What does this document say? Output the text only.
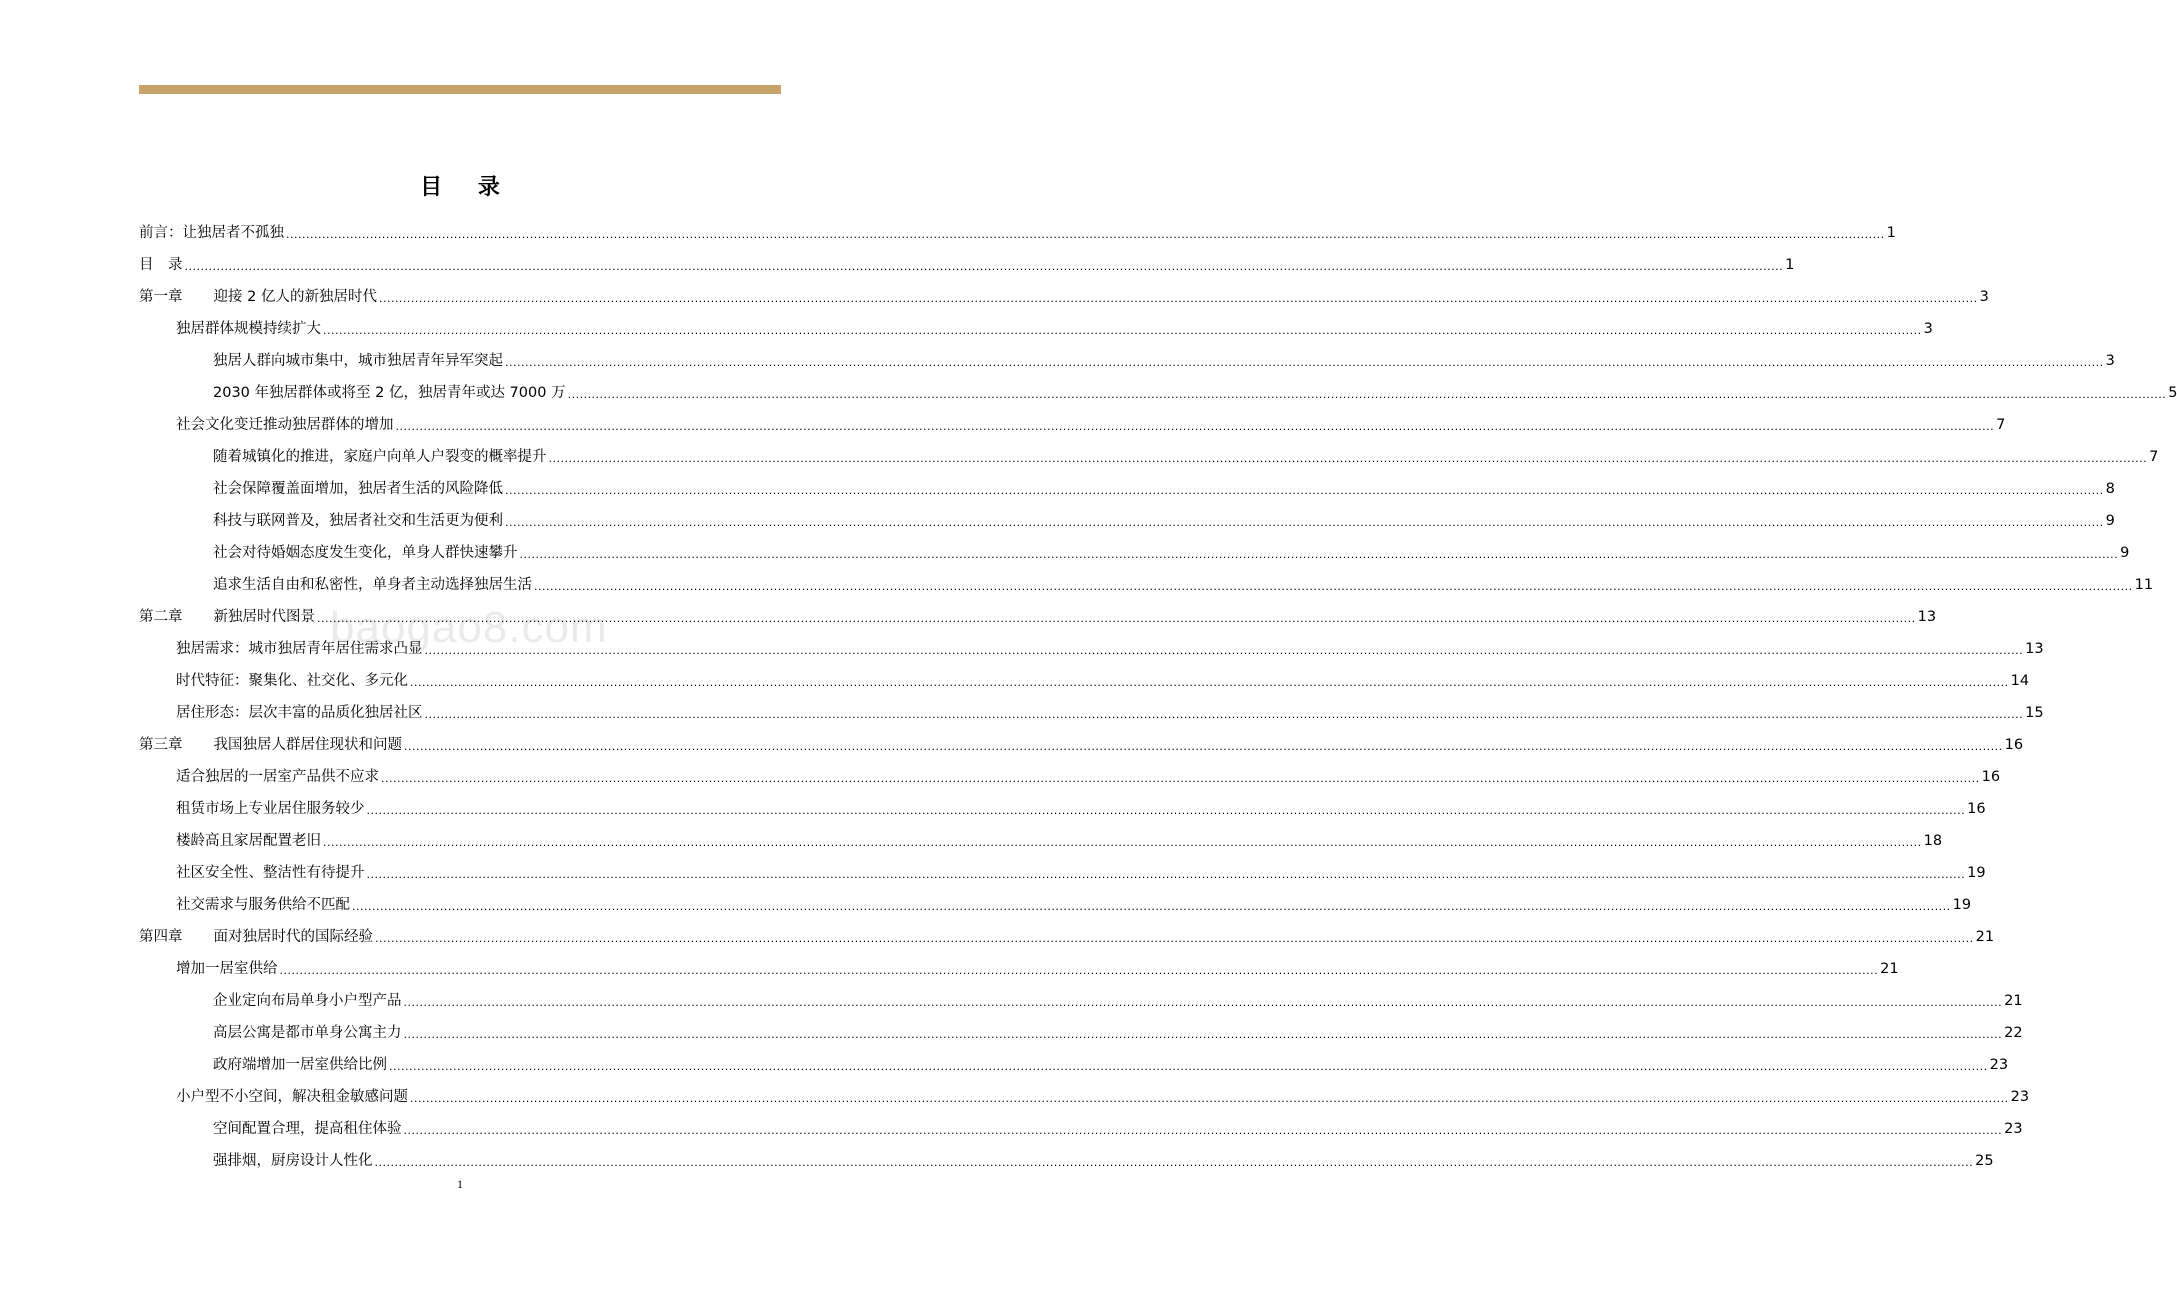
baogao8.com
目 录
前言：让独居者不孤独 ................................................................................................................................................................................................................................................................................................................................................................................................................ 1
目　录 ................................................................................................................................................................................................................................................................................................................................................................................................................ 1
第一章 迎接 2 亿人的新独居时代 ................................................................................................................................................................................................................................................................................................................................................................................................................ 3
独居群体规模持续扩大 ................................................................................................................................................................................................................................................................................................................................................................................................................ 3
独居人群向城市集中，城市独居青年异军突起 ................................................................................................................................................................................................................................................................................................................................................................................................................ 3
2030 年独居群体或将至 2 亿，独居青年或达 7000 万 ................................................................................................................................................................................................................................................................................................................................................................................................................ 5
社会文化变迁推动独居群体的增加 ................................................................................................................................................................................................................................................................................................................................................................................................................ 7
随着城镇化的推进，家庭户向单人户裂变的概率提升 ................................................................................................................................................................................................................................................................................................................................................................................................................ 7
社会保障覆盖面增加，独居者生活的风险降低 ................................................................................................................................................................................................................................................................................................................................................................................................................ 8
科技与联网普及，独居者社交和生活更为便利 ................................................................................................................................................................................................................................................................................................................................................................................................................ 9
社会对待婚姻态度发生变化，单身人群快速攀升 ................................................................................................................................................................................................................................................................................................................................................................................................................ 9
追求生活自由和私密性，单身者主动选择独居生活 ................................................................................................................................................................................................................................................................................................................................................................................................................ 11
第二章 新独居时代图景 ................................................................................................................................................................................................................................................................................................................................................................................................................ 13
独居需求：城市独居青年居住需求凸显 ................................................................................................................................................................................................................................................................................................................................................................................................................ 13
时代特征：聚集化、社交化、多元化 ................................................................................................................................................................................................................................................................................................................................................................................................................ 14
居住形态：层次丰富的品质化独居社区 ................................................................................................................................................................................................................................................................................................................................................................................................................ 15
第三章 我国独居人群居住现状和问题 ................................................................................................................................................................................................................................................................................................................................................................................................................ 16
适合独居的一居室产品供不应求 ................................................................................................................................................................................................................................................................................................................................................................................................................ 16
租赁市场上专业居住服务较少 ................................................................................................................................................................................................................................................................................................................................................................................................................ 16
楼龄高且家居配置老旧 ................................................................................................................................................................................................................................................................................................................................................................................................................ 18
社区安全性、整洁性有待提升 ................................................................................................................................................................................................................................................................................................................................................................................................................ 19
社交需求与服务供给不匹配 ................................................................................................................................................................................................................................................................................................................................................................................................................ 19
第四章 面对独居时代的国际经验 ................................................................................................................................................................................................................................................................................................................................................................................................................ 21
增加一居室供给 ................................................................................................................................................................................................................................................................................................................................................................................................................ 21
企业定向布局单身小户型产品 ................................................................................................................................................................................................................................................................................................................................................................................................................ 21
高层公寓是都市单身公寓主力 ................................................................................................................................................................................................................................................................................................................................................................................................................ 22
政府端增加一居室供给比例 ................................................................................................................................................................................................................................................................................................................................................................................................................ 23
小户型不小空间，解决租金敏感问题 ................................................................................................................................................................................................................................................................................................................................................................................................................ 23
空间配置合理，提高租住体验 ................................................................................................................................................................................................................................................................................................................................................................................................................ 23
强排烟，厨房设计人性化 ................................................................................................................................................................................................................................................................................................................................................................................................................ 25
1
